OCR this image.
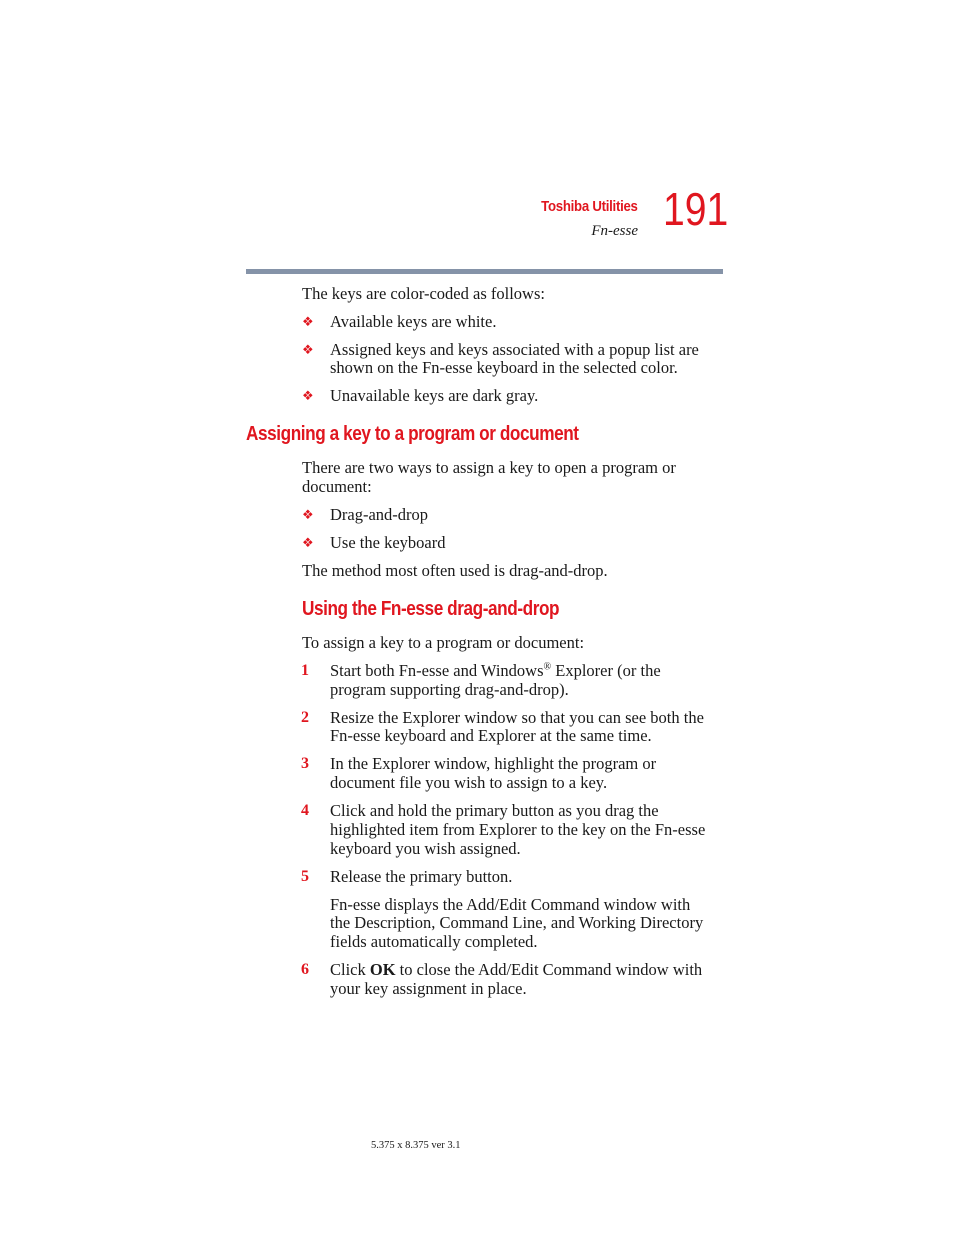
Toshiba Utilities
Fn-esse 191
The keys are color-coded as follows:
❖ Available keys are white.
❖ Assigned keys and keys associated with a popup list are
shown on the Fn-esse keyboard in the selected color.
❖ Unavailable keys are dark gray.
Assigning a key to a program or document
There are two ways to assign a key to open a program or
document:
❖ Drag-and-drop
❖ Use the keyboard
The method most often used is drag-and-drop.
Using the Fn-esse drag-and-drop
To assign a key to a program or document:
1 Start both Fn-esse and Windows® Explorer (or the
program supporting drag-and-drop).
2 Resize the Explorer window so that you can see both the
Fn-esse keyboard and Explorer at the same time.
3 In the Explorer window, highlight the program or
document file you wish to assign to a key.
4 Click and hold the primary button as you drag the
highlighted item from Explorer to the key on the Fn-esse
keyboard you wish assigned.
5 Release the primary button.
Fn-esse displays the Add/Edit Command window with
the Description, Command Line, and Working Directory
fields automatically completed.
6 Click OK to close the Add/Edit Command window with
your key assignment in place.
5.375 x 8.375 ver 3.1
